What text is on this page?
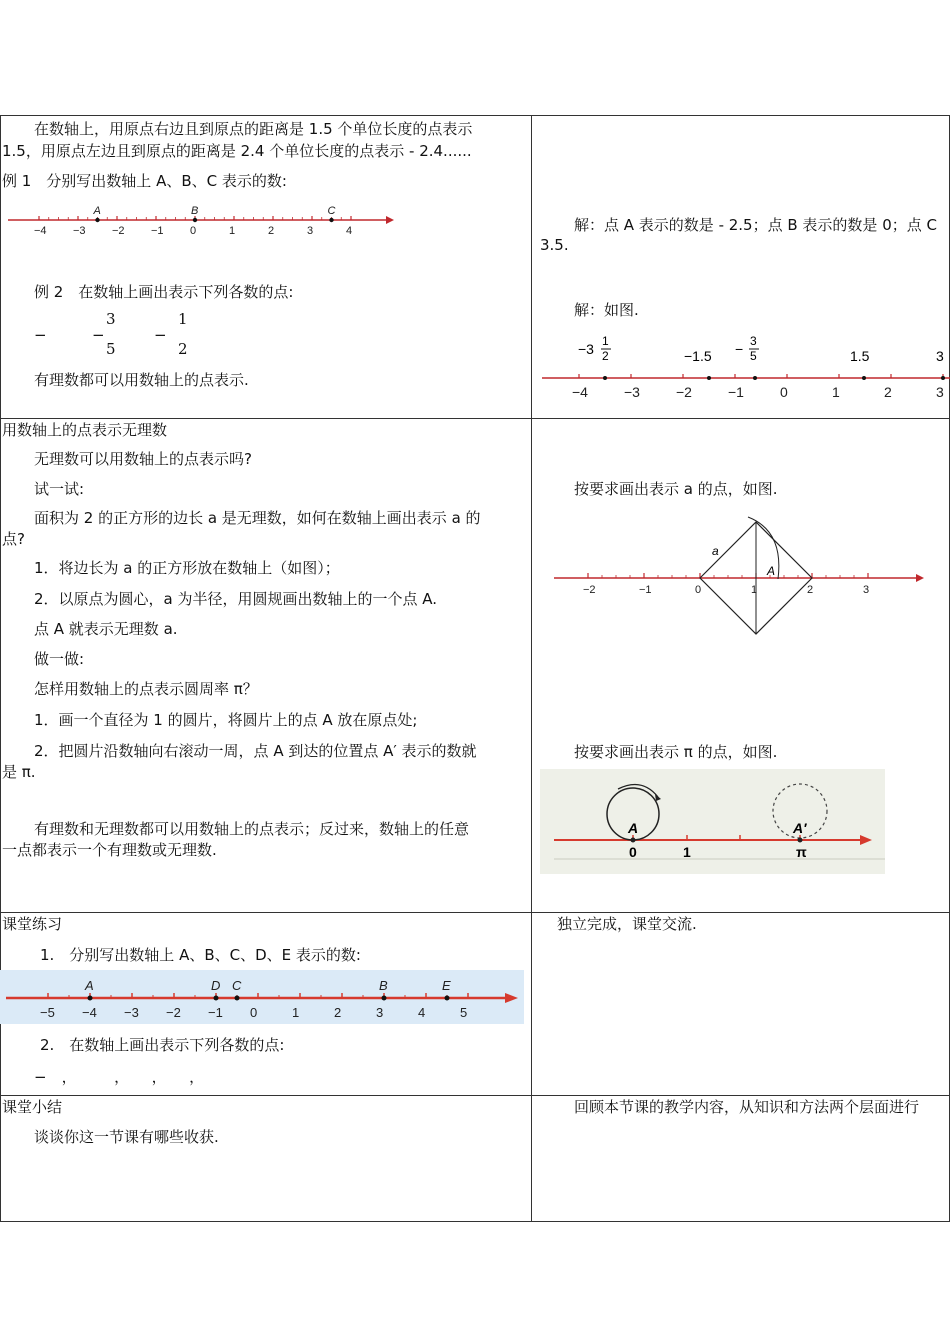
在数轴上，用原点右边且到原点的距离是 1.5 个单位长度的点表示
1.5，用原点左边且到原点的距离是 2.4 个单位长度的点表示 - 2.4......
例 1　分别写出数轴上 A、B、C 表示的数:
−4 −3 −2 −1 0	1	2	3	4
A	B	C
例 2　在数轴上画出表示下列各数的点:
−	−
3
5
−
1
2
有理数都可以用数轴上的点表示.
解：点 A 表示的数是 - 2.5；点 B 表示的数是 0；点 C
3.5.
解：如图.
−4	−3	−2	−1	0	1	2	3
−3 1
2	−1.5 − 3
5	1.5	3
用数轴上的点表示无理数
无理数可以用数轴上的点表示吗?
试一试:
面积为 2 的正方形的边长 a 是无理数，如何在数轴上画出表示 a 的
点?
1．将边长为 a 的正方形放在数轴上（如图）；
2．以原点为圆心，a 为半径，用圆规画出数轴上的一个点 A.
点 A 就表示无理数 a.
做一做:
怎样用数轴上的点表示圆周率 π？
1．画一个直径为 1 的圆片，将圆片上的点 A 放在原点处;
2．把圆片沿数轴向右滚动一周，点 A 到达的位置点 A′ 表示的数就
是 π.
有理数和无理数都可以用数轴上的点表示；反过来，数轴上的任意
一点都表示一个有理数或无理数.
按要求画出表示 a 的点，如图.
−2	−1	0	1	2	3
a
A
按要求画出表示 π 的点，如图.
A	A′
0	1	π
课堂练习
1.　分别写出数轴上 A、B、C、D、E 表示的数:
−5 −4 −3 −2 −1 0	1	2	3	4	5
A	D C	B	E
2.　在数轴上画出表示下列各数的点:
−　，　　　，　　，　　，
独立完成，课堂交流.
课堂小结
谈谈你这一节课有哪些收获.
回顾本节课的教学内容，从知识和方法两个层面进行
